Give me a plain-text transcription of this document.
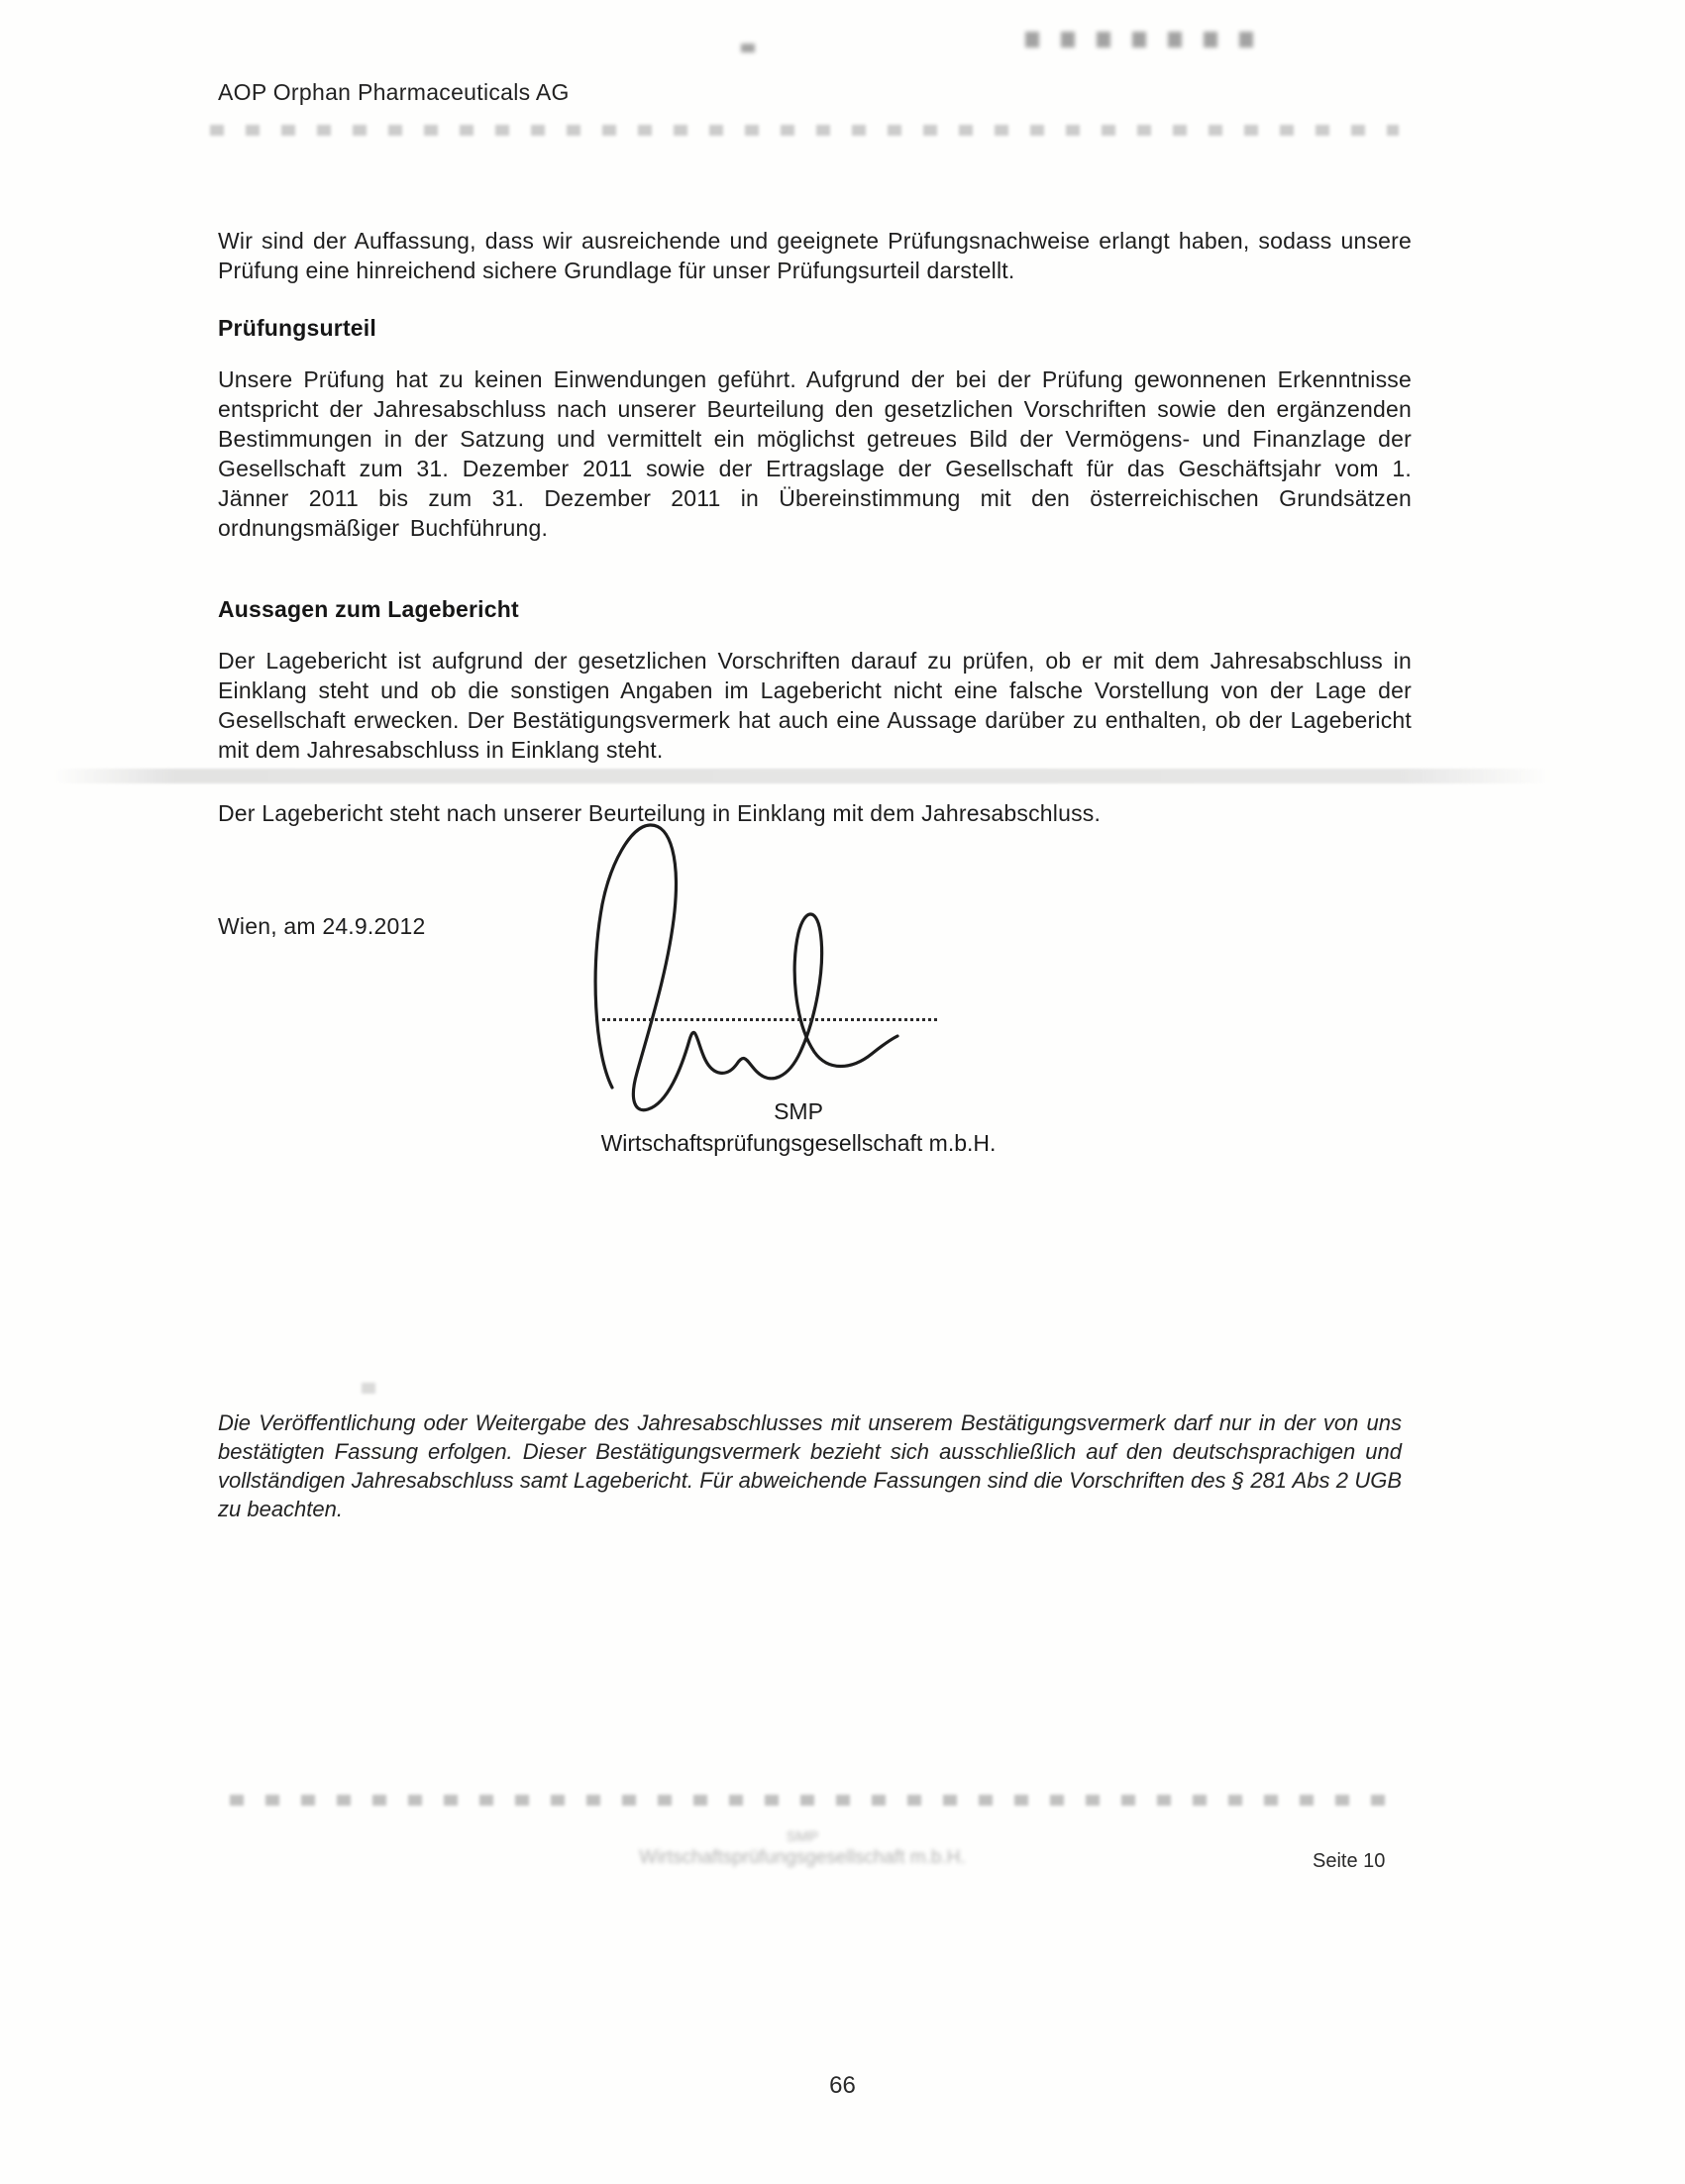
AOP Orphan Pharmaceuticals AG
Wir sind der Auffassung, dass wir ausreichende und geeignete Prüfungsnachweise erlangt haben, sodass unsere Prüfung eine hinreichend sichere Grundlage für unser Prüfungsurteil darstellt.
Prüfungsurteil
Unsere Prüfung hat zu keinen Einwendungen geführt. Aufgrund der bei der Prüfung gewonnenen Erkenntnisse entspricht der Jahresabschluss nach unserer Beurteilung den gesetzlichen Vorschriften sowie den ergänzenden Bestimmungen in der Satzung und vermittelt ein möglichst getreues Bild der Vermögens- und Finanzlage der Gesellschaft zum 31. Dezember 2011 sowie der Ertragslage der Gesellschaft für das Geschäftsjahr vom 1. Jänner 2011 bis zum 31. Dezember 2011 in Übereinstimmung mit den österreichischen Grundsätzen ordnungsmäßiger Buchführung.
Aussagen zum Lagebericht
Der Lagebericht ist aufgrund der gesetzlichen Vorschriften darauf zu prüfen, ob er mit dem Jahresabschluss in Einklang steht und ob die sonstigen Angaben im Lagebericht nicht eine falsche Vorstellung von der Lage der Gesellschaft erwecken. Der Bestätigungsvermerk hat auch eine Aussage darüber zu enthalten, ob der Lagebericht mit dem Jahresabschluss in Einklang steht.
Der Lagebericht steht nach unserer Beurteilung in Einklang mit dem Jahresabschluss.
Wien, am 24.9.2012
SMP
Wirtschaftsprüfungsgesellschaft m.b.H.
Die Veröffentlichung oder Weitergabe des Jahresabschlusses mit unserem Bestätigungsvermerk darf nur in der von uns bestätigten Fassung erfolgen. Dieser Bestätigungsvermerk bezieht sich ausschließlich auf den deutschsprachigen und vollständigen Jahresabschluss samt Lagebericht. Für abweichende Fassungen sind die Vorschriften des § 281 Abs 2 UGB zu beachten.
SMP
Wirtschaftsprüfungsgesellschaft m.b.H.	Seite 10
66
